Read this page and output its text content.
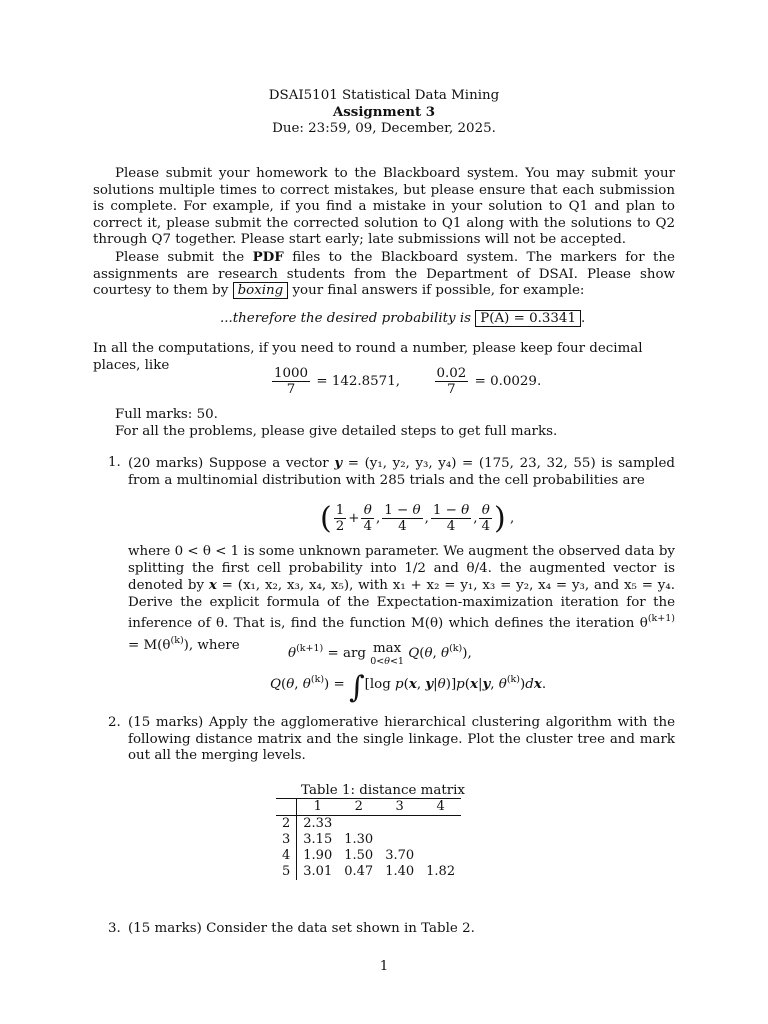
DSAI5101 Statistical Data Mining
Assignment 3
Due: 23:59, 09, December, 2025.

Please submit your homework to the Blackboard system. You may submit your solutions multiple times to correct mistakes, but please ensure that each submission is complete. For example, if you find a mistake in your solution to Q1 and plan to correct it, please submit the corrected solution to Q1 along with the solutions to Q2 through Q7 together. Please start early; late submissions will not be accepted.

Please submit the PDF files to the Blackboard system. The markers for the assignments are research students from the Department of DSAI. Please show courtesy to them by boxing your final answers if possible, for example:

...therefore the desired probability is P(A) = 0.3341 .
In all the computations, if you need to round a number, please keep four decimal places, like
$\frac{1000}{7} = 142.8571$,	$\frac{0.02}{7} = 0.0029$.
Full marks: 50.
For all the problems, please give detailed steps to get full marks.
1. (20 marks) Suppose a vector y = (y₁, y₂, y₃, y₄) = (175, 23, 32, 55) is sampled from a multinomial distribution with 285 trials and the cell probabilities are
( $\frac{1}{2} + \frac{\theta}{4}$ , $\frac{1 - \theta}{4}$ , $\frac{1 - \theta}{4}$ , $\frac{\theta}{4}$ ) ,
where 0 < θ < 1 is some unknown parameter. We augment the observed data by splitting the first cell probability into 1/2 and θ/4. the augmented vector is denoted by x = (x₁, x₂, x₃, x₄, x₅), with x₁ + x₂ = y₁, x₃ = y₂, x₄ = y₃, and x₅ = y₄. Derive the explicit formula of the Expectation-maximization iteration for the inference of θ. That is, find the function M(θ) which defines the iteration $\theta^{(k+1)} = M(\theta^{(k)})$, where
$\theta^{(k+1)}$ = arg max
0<θ<1
Q(θ, $\theta^{(k)}$),
Q(θ, $\theta^{(k)}) = \int[\log$ p(x, y|θ)]p(x|y, $\theta^{(k)})dx$.
2. (15 marks) Apply the agglomerative hierarchical clustering algorithm with the following distance matrix and the single linkage. Plot the cluster tree and mark out all the merging levels.
Table 1: distance matrix
	1	2	3	4
2	2.33			
3	3.15	1.30		
4	1.90	1.50	3.70	
5	3.01	0.47	1.40	1.82
3. (15 marks) Consider the data set shown in Table 2.
1
